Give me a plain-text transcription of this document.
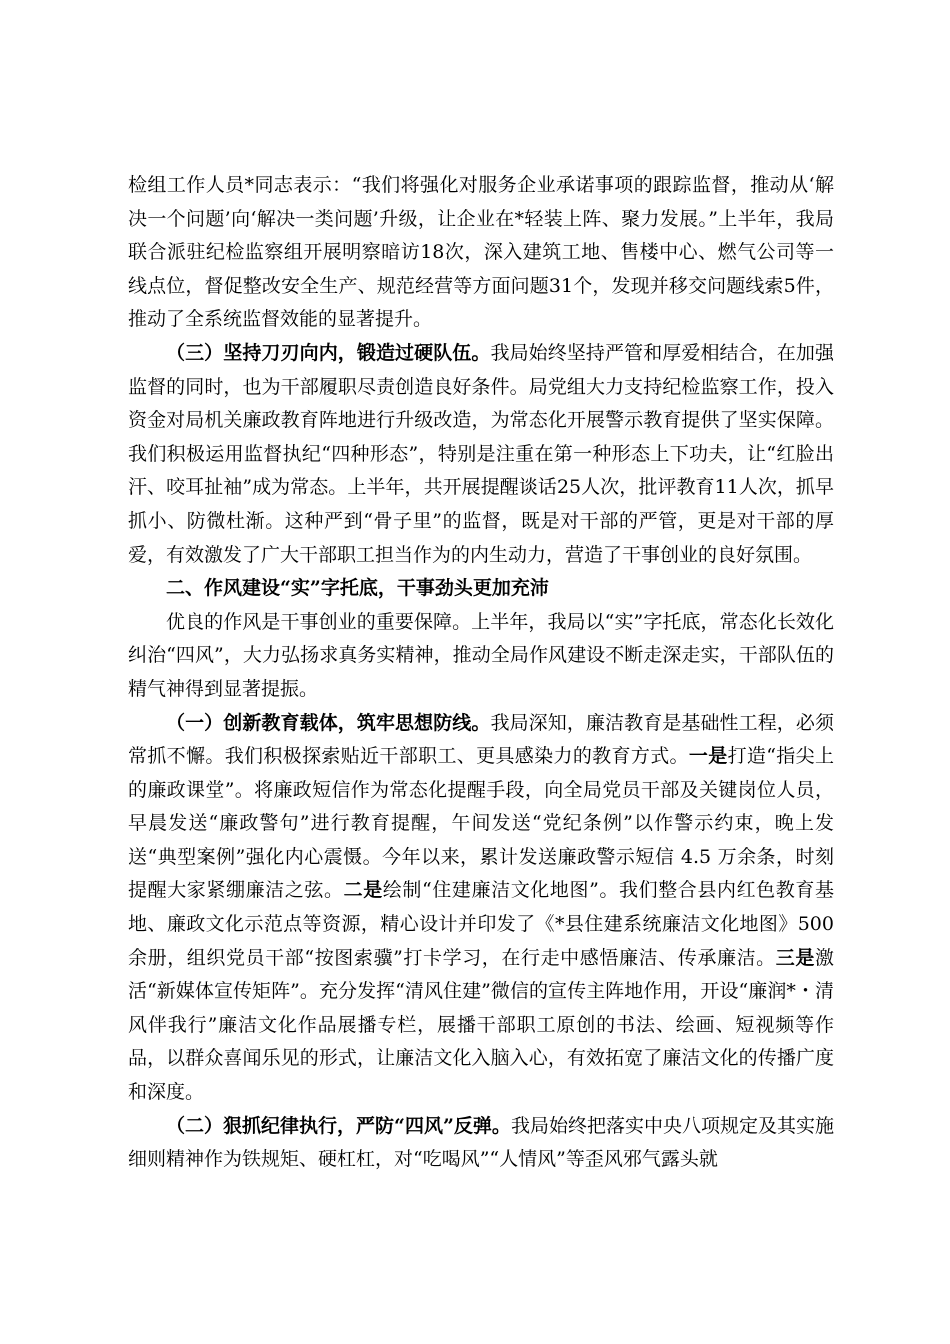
检组工作人员*同志表示：“我们将强化对服务企业承诺事项的跟踪监督，推动从‘解决一个问题’向‘解决一类问题’升级，让企业在*轻装上阵、聚力发展。”上半年，我局联合派驻纪检监察组开展明察暗访18次，深入建筑工地、售楼中心、燃气公司等一线点位，督促整改安全生产、规范经营等方面问题31个，发现并移交问题线索5件，推动了全系统监督效能的显著提升。

（三）坚持刀刃向内，锻造过硬队伍。我局始终坚持严管和厚爱相结合，在加强监督的同时，也为干部履职尽责创造良好条件。局党组大力支持纪检监察工作，投入资金对局机关廉政教育阵地进行升级改造，为常态化开展警示教育提供了坚实保障。我们积极运用监督执纪“四种形态”，特别是注重在第一种形态上下功夫，让“红脸出汗、咬耳扯袖”成为常态。上半年，共开展提醒谈话25人次，批评教育11人次，抓早抓小、防微杜渐。这种严到“骨子里”的监督，既是对干部的严管，更是对干部的厚爱，有效激发了广大干部职工担当作为的内生动力，营造了干事创业的良好氛围。

二、作风建设“实”字托底，干事劲头更加充沛

优良的作风是干事创业的重要保障。上半年，我局以“实”字托底，常态化长效化纠治“四风”，大力弘扬求真务实精神，推动全局作风建设不断走深走实，干部队伍的精气神得到显著提振。

（一）创新教育载体，筑牢思想防线。我局深知，廉洁教育是基础性工程，必须常抓不懈。我们积极探索贴近干部职工、更具感染力的教育方式。一是打造“指尖上的廉政课堂”。将廉政短信作为常态化提醒手段，向全局党员干部及关键岗位人员，早晨发送“廉政警句”进行教育提醒，午间发送“党纪条例”以作警示约束，晚上发送“典型案例”强化内心震慑。今年以来，累计发送廉政警示短信 4.5 万余条，时刻提醒大家紧绷廉洁之弦。二是绘制“住建廉洁文化地图”。我们整合县内红色教育基地、廉政文化示范点等资源，精心设计并印发了《*县住建系统廉洁文化地图》500余册，组织党员干部“按图索骥”打卡学习，在行走中感悟廉洁、传承廉洁。三是激活“新媒体宣传矩阵”。充分发挥“清风住建”微信的宣传主阵地作用，开设“廉润*・清风伴我行”廉洁文化作品展播专栏，展播干部职工原创的书法、绘画、短视频等作品，以群众喜闻乐见的形式，让廉洁文化入脑入心，有效拓宽了廉洁文化的传播广度和深度。

（二）狠抓纪律执行，严防“四风”反弹。我局始终把落实中央八项规定及其实施细则精神作为铁规矩、硬杠杠，对“吃喝风”“人情风”等歪风邪气露头就
